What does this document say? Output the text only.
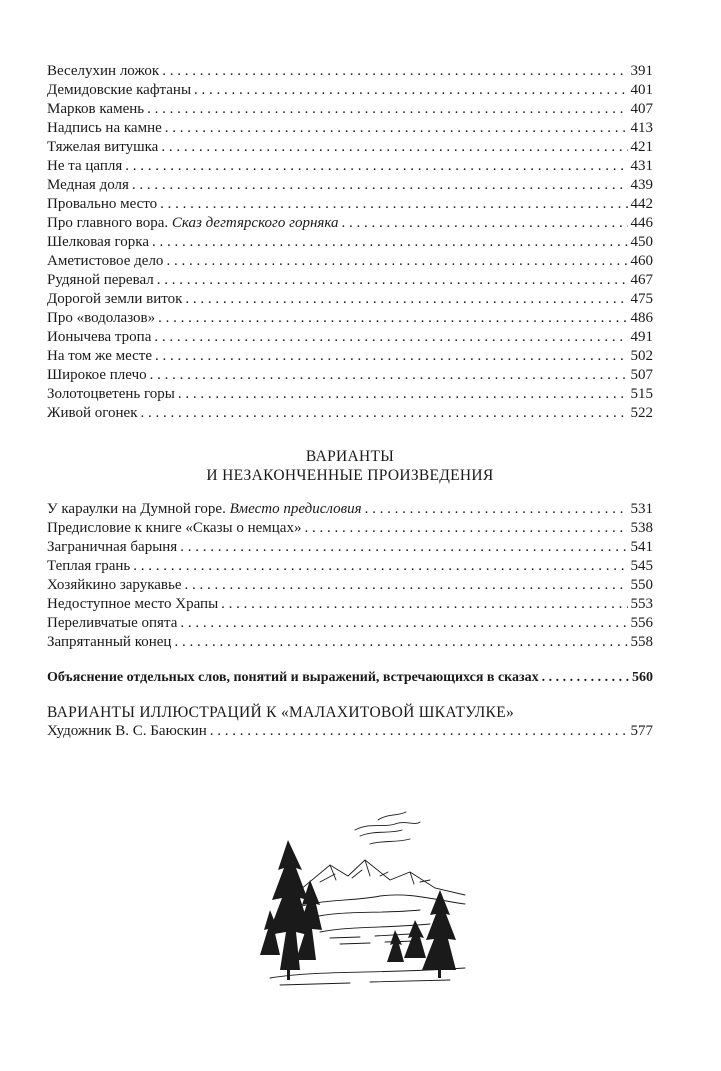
Веселухин ложок . . .	391
Демидовские кафтаны . . .	401
Марков камень . . .	407
Надпись на камне . . .	413
Тяжелая витушка . . .	421
Не та цапля . . .	431
Медная доля . . .	439
Провально место . . .	442
Про главного вора. Сказ дегтярского горняка . . .	446
Шелковая горка . . .	450
Аметистовое дело . . .	460
Рудяной перевал . . .	467
Дорогой земли виток . . .	475
Про «водолазов» . . .	486
Ионычева тропа . . .	491
На том же месте . . .	502
Широкое плечо . . .	507
Золотоцветень горы . . .	515
Живой огонек . . .	522
ВАРИАНТЫ
И НЕЗАКОНЧЕННЫЕ ПРОИЗВЕДЕНИЯ
У караулки на Думной горе. Вместо предисловия . . .	531
Предисловие к книге «Сказы о немцах» . . .	538
Заграничная барыня . . .	541
Теплая грань . . .	545
Хозяйкино зарукавье . . .	550
Недоступное место Храпы . . .	553
Переливчатые опята . . .	556
Запрятанный конец . . .	558
Объяснение отдельных слов, понятий и выражений, встречающихся в сказах . . .	560
ВАРИАНТЫ ИЛЛЮСТРАЦИЙ К «МАЛАХИТОВОЙ ШКАТУЛКЕ»
Художник В. С. Баюскин . . .	577
